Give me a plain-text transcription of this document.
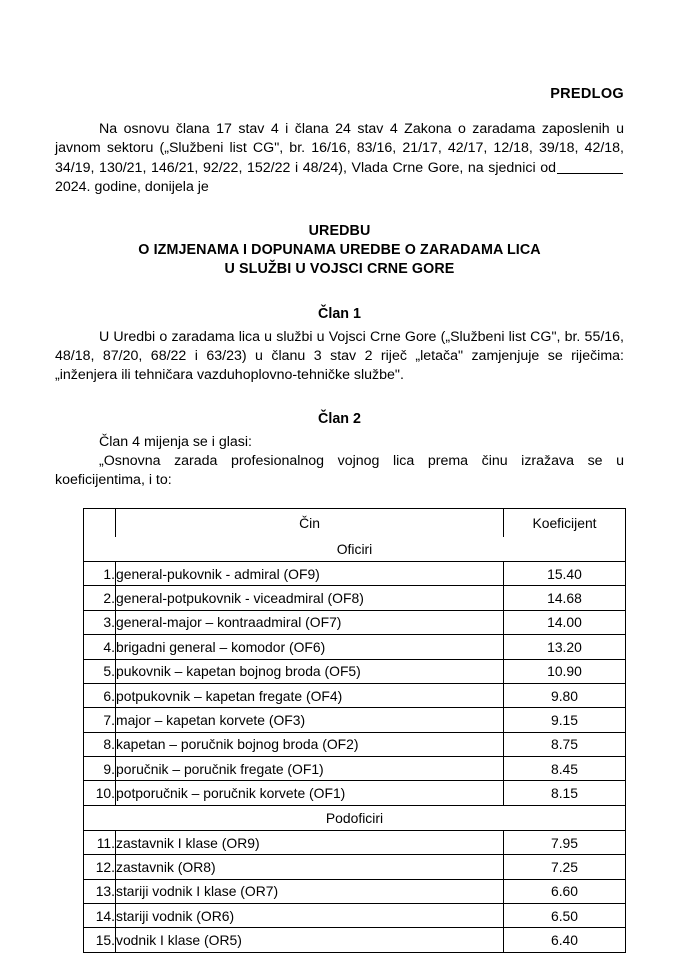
PREDLOG

Na osnovu člana 17 stav 4 i člana 24 stav 4 Zakona o zaradama zaposlenih u javnom sektoru („Službeni list CG", br. 16/16, 83/16, 21/17, 42/17, 12/18, 39/18, 42/18, 34/19, 130/21, 146/21, 92/22, 152/22 i 48/24), Vlada Crne Gore, na sjednici od 2024. godine, donijela je

UREDBU
O IZMJENAMA I DOPUNAMA UREDBE O ZARADAMA LICA
U SLUŽBI U VOJSCI CRNE GORE
Član 1

U Uredbi o zaradama lica u službi u Vojsci Crne Gore („Službeni list CG", br. 55/16, 48/18, 87/20, 68/22 i 63/23) u članu 3 stav 2 riječ „letača" zamjenjuje se riječima: „inženjera ili tehničara vazduhoplovno-tehničke službe".

Član 2

Član 4 mijenja se i glasi:

„Osnovna zarada profesionalnog vojnog lica prema činu izražava se u koeficijentima, i to:

	Čin	Koeficijent
Oficiri		
1.	general-pukovnik - admiral (OF9)	15.40
2.	general-potpukovnik - viceadmiral (OF8)	14.68
3.	general-major – kontraadmiral (OF7)	14.00
4.	brigadni general – komodor (OF6)	13.20
5.	pukovnik – kapetan bojnog broda (OF5)	10.90
6.	potpukovnik – kapetan fregate (OF4)	9.80
7.	major – kapetan korvete (OF3)	9.15
8.	kapetan – poručnik bojnog broda (OF2)	8.75
9.	poručnik – poručnik fregate (OF1)	8.45
10.	potporučnik – poručnik korvete (OF1)	8.15
Podoficiri		
11.	zastavnik I klase (OR9)	7.95
12.	zastavnik (OR8)	7.25
13.	stariji vodnik I klase (OR7)	6.60
14.	stariji vodnik (OR6)	6.50
15.	vodnik I klase (OR5)	6.40
